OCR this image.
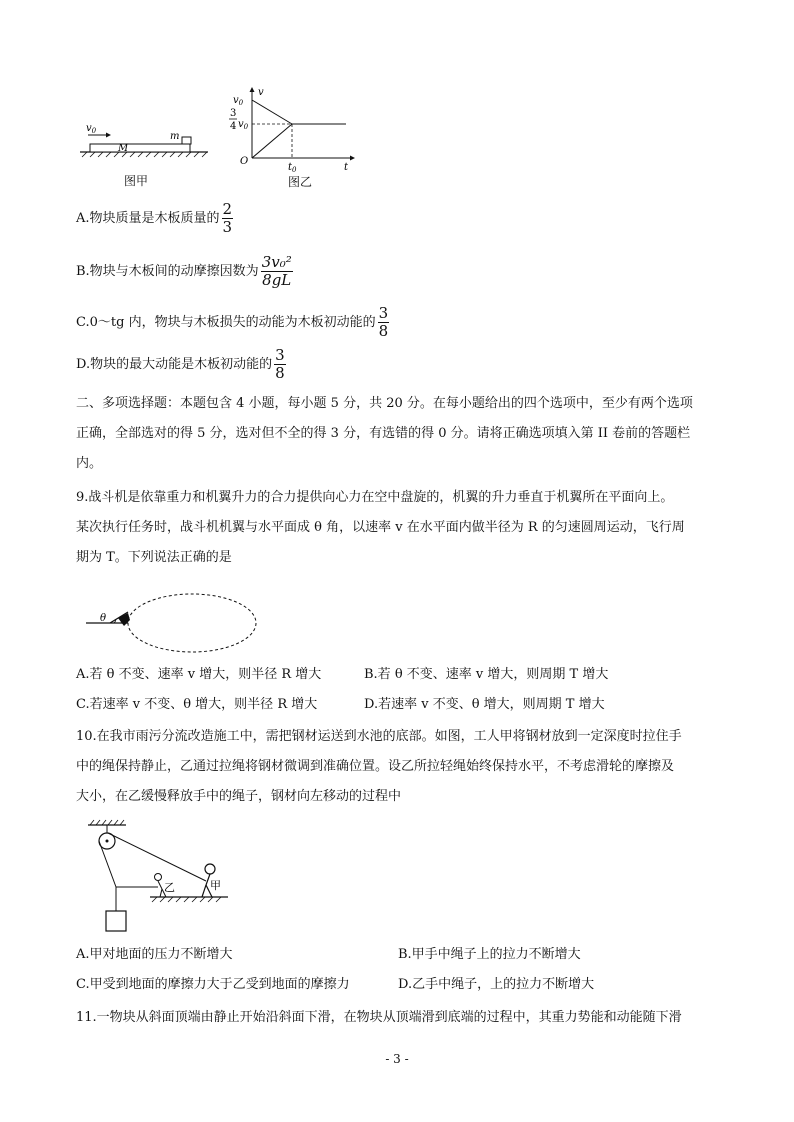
$v_0$	m
M
图甲
v
$v_0$
3
4 $v_0$
O
$t_0$	t
图乙
A.物块质量是木板质量的 $\frac{2}{3}$
B.物块与木板间的动摩擦因数为 $\frac{\text{3v₀²}}{8gL}$
C.0～tg 内，物块与木板损失的动能为木板初动能的 $\frac{3}{8}$
D.物块的最大动能是木板初动能的 $\frac{3}{8}$
二、多项选择题：本题包含 4 小题，每小题 5 分，共 20 分。在每小题给出的四个选项中，至少有两个选项
正确，全部选对的得 5 分，选对但不全的得 3 分，有选错的得 0 分。请将正确选项填入第 II 卷前的答题栏
内。
9.战斗机是依靠重力和机翼升力的合力提供向心力在空中盘旋的，机翼的升力垂直于机翼所在平面向上。
某次执行任务时，战斗机机翼与水平面成 θ 角，以速率 v 在水平面内做半径为 R 的匀速圆周运动，飞行周
期为 T。下列说法正确的是
θ
A.若 θ 不变、速率 v 增大，则半径 R 增大	B.若 θ 不变、速率 v 增大，则周期 T 增大
C.若速率 v 不变、θ 增大，则半径 R 增大	D.若速率 v 不变、θ 增大，则周期 T 增大
10.在我市雨污分流改造施工中，需把钢材运送到水池的底部。如图，工人甲将钢材放到一定深度时拉住手
中的绳保持静止，乙通过拉绳将钢材微调到准确位置。设乙所拉轻绳始终保持水平，不考虑滑轮的摩擦及
大小，在乙缓慢释放手中的绳子，钢材向左移动的过程中
乙	甲
A.甲对地面的压力不断增大	B.甲手中绳子上的拉力不断增大
C.甲受到地面的摩擦力大于乙受到地面的摩擦力	D.乙手中绳子，上的拉力不断增大
11.一物块从斜面顶端由静止开始沿斜面下滑，在物块从顶端滑到底端的过程中，其重力势能和动能随下滑
- 3 -
